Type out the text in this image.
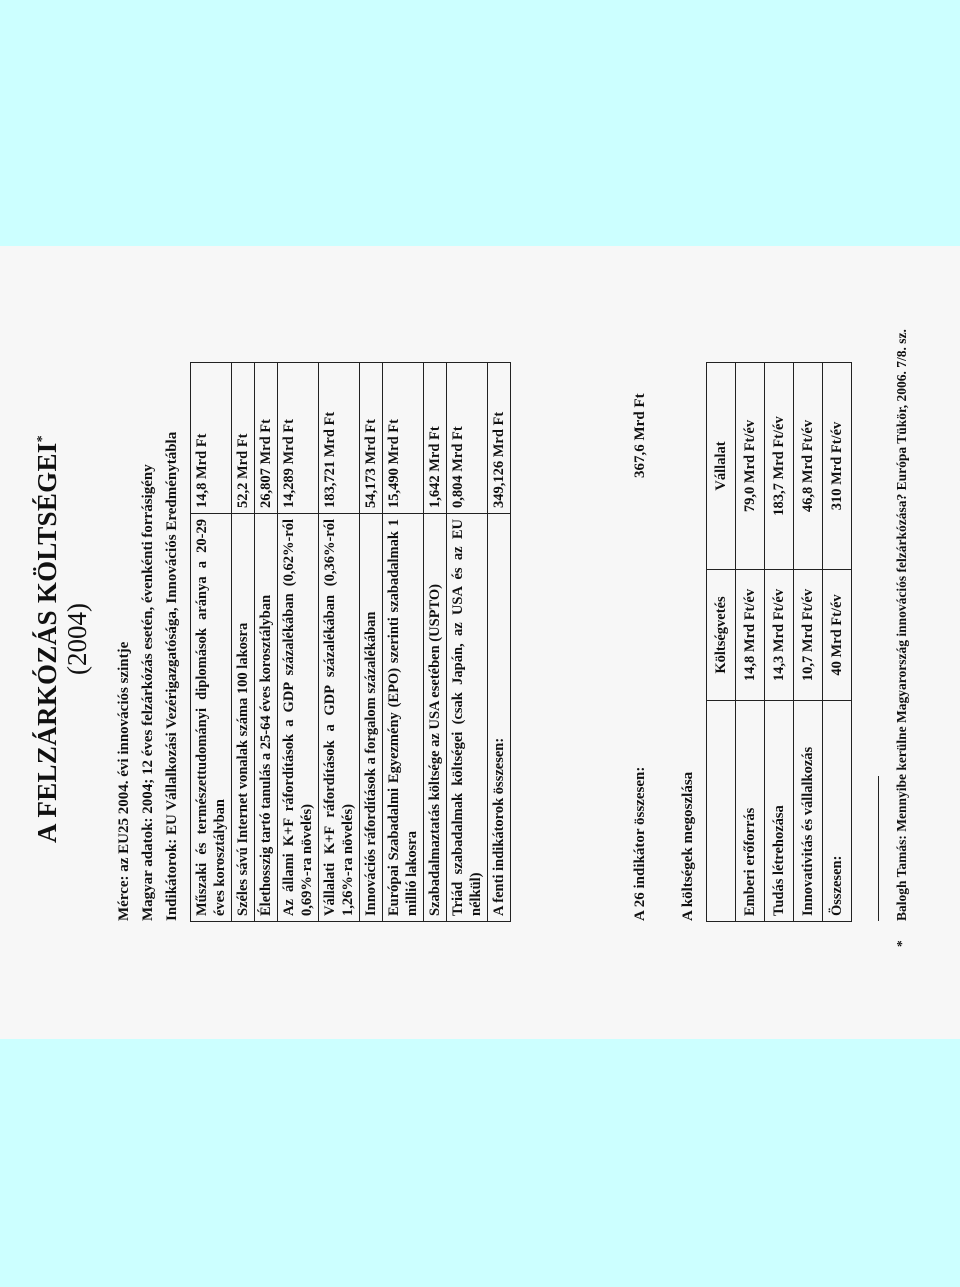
A FELZÁRKÓZÁS KÖLTSÉGEI*
(2004)
Mérce: az EU25 2004. évi innovációs szintje Magyar adatok: 2004; 12 éves felzárkózás esetén, évenkénti forrásigény Indikátorok: EU Vállalkozási Vezérigazgatósága, Innovációs Eredménytábla Műszaki és természettudományi diplomások aránya a 20-29 éves korosztályban	14,8 Mrd Ft
Széles sávú Internet vonalak száma 100 lakosra	52,2 Mrd Ft
Élethosszig tartó tanulás a 25-64 éves korosztályban	26,807 Mrd Ft
Az állami K+F ráfordítások a GDP százalékában (0,62%-ról 0,69%-ra növelés)	14,289 Mrd Ft
Vállalati K+F ráfordítások a GDP százalékában (0,36%-ról 1,26%-ra növelés)	183,721 Mrd Ft
Innovációs ráfordítások a forgalom százalékában	54,173 Mrd Ft
Európai Szabadalmi Egyezmény (EPO) szerinti szabadalmak 1 millió lakosra	15,490 Mrd Ft
Szabadalmaztatás költsége az USA esetében (USPTO)	1,642 Mrd Ft
Triád szabadalmak költségei (csak Japán, az USA és az EU nélkül)	0,804 Mrd Ft
A fenti indikátorok összesen:	349,126 Mrd Ft
A 26 indikátor összesen:
367,6 Mrd Ft
A költségek megoszlása
	Költségvetés	Vállalat
Emberi erőforrás	14,8 Mrd Ft/év	79,0 Mrd Ft/év
Tudás létrehozása	14,3 Mrd Ft/év	183,7 Mrd Ft/év
Innovativitás és vállalkozás	10,7 Mrd Ft/év	46,8 Mrd Ft/év
Összesen:	40 Mrd Ft/év	310 Mrd Ft/év
*
Balogh Tamás: Mennyibe kerülne Magyarország innovációs felzárkózása? Európa Tükör, 2006. 7/8. sz.
